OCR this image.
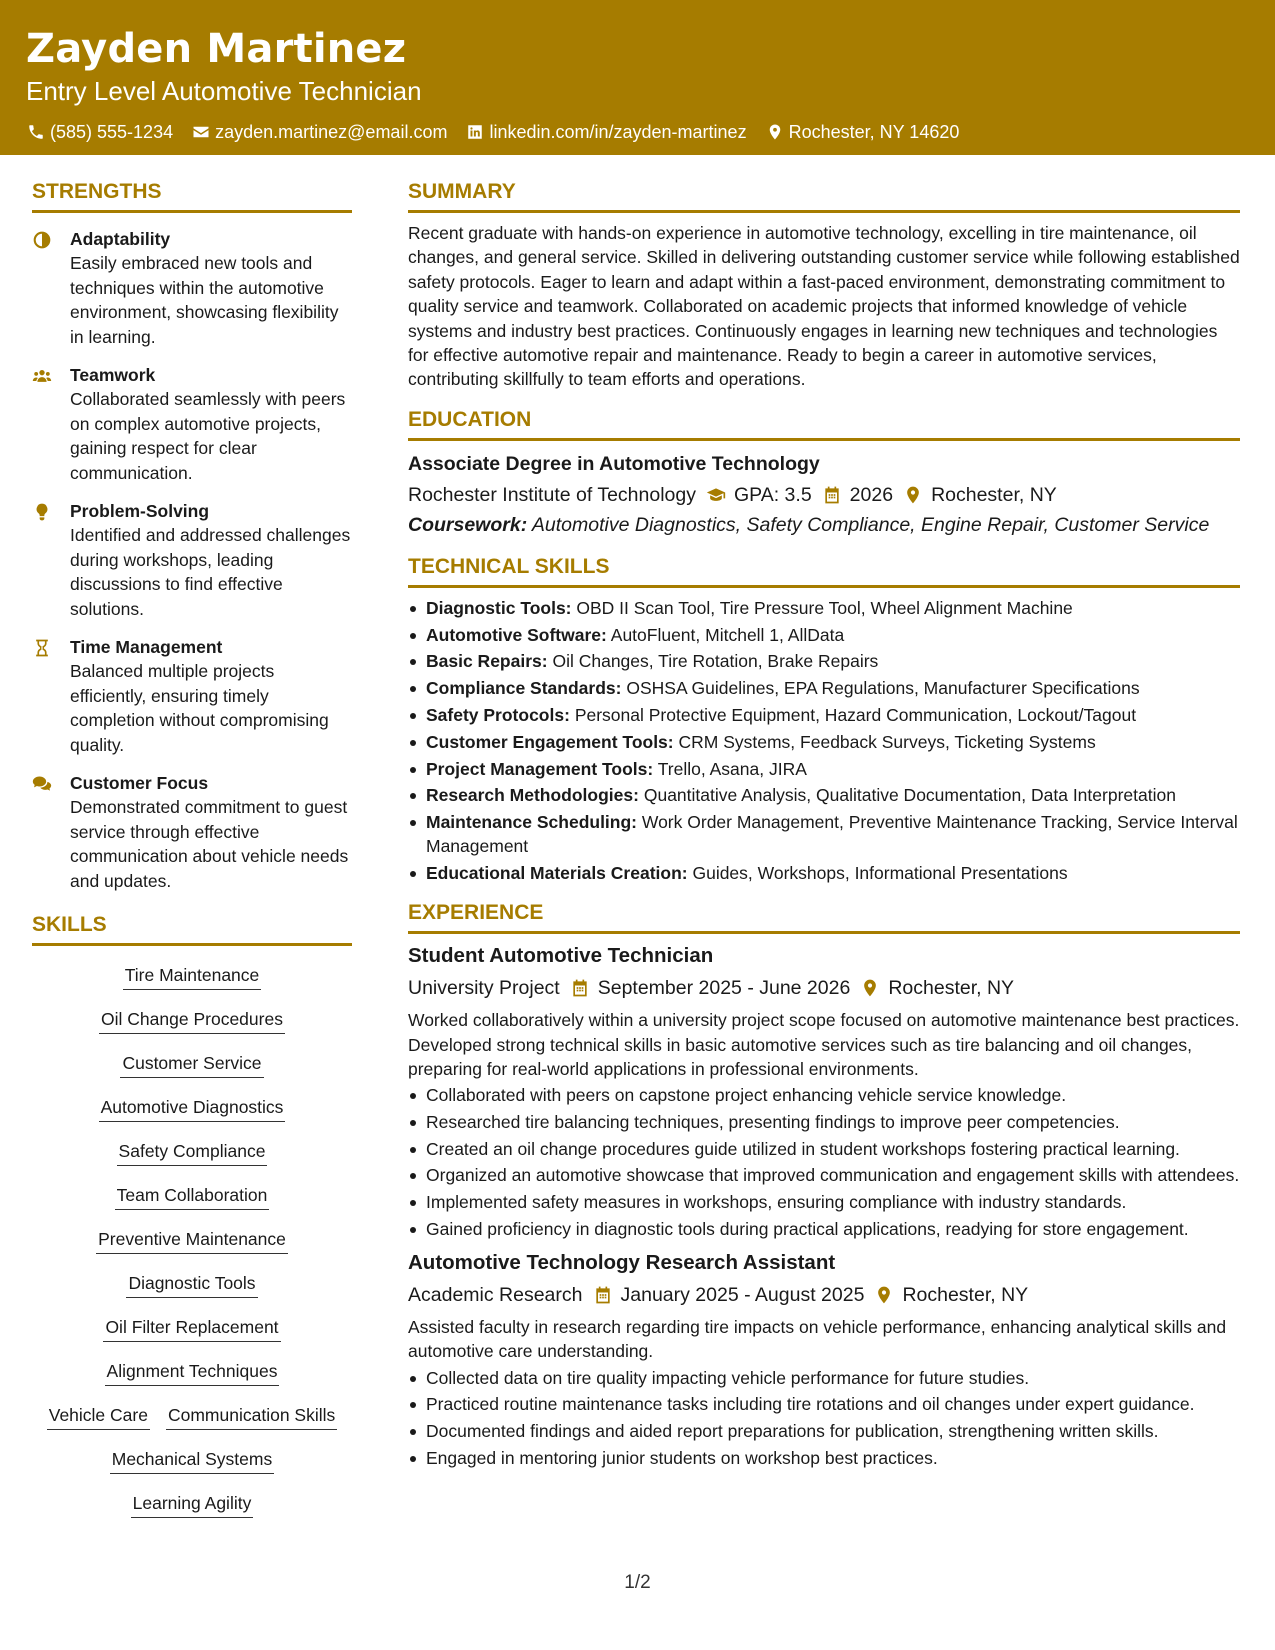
Zayden Martinez
Entry Level Automotive Technician
(585) 555-1234 zayden.martinez@email.com linkedin.com/in/zayden-martinez Rochester, NY 14620
STRENGTHS
Adaptability
Easily embraced new tools and techniques within the automotive environment, showcasing flexibility in learning.
Teamwork
Collaborated seamlessly with peers on complex automotive projects, gaining respect for clear communication.
Problem-Solving
Identified and addressed challenges during workshops, leading discussions to find effective solutions.
Time Management
Balanced multiple projects efficiently, ensuring timely completion without compromising quality.
Customer Focus
Demonstrated commitment to guest service through effective communication about vehicle needs and updates.
SKILLS
Tire Maintenance
Oil Change Procedures
Customer Service
Automotive Diagnostics
Safety Compliance
Team Collaboration
Preventive Maintenance
Diagnostic Tools
Oil Filter Replacement
Alignment Techniques
Vehicle Care Communication Skills
Mechanical Systems
Learning Agility
SUMMARY
Recent graduate with hands-on experience in automotive technology, excelling in tire maintenance, oil changes, and general service. Skilled in delivering outstanding customer service while following established safety protocols. Eager to learn and adapt within a fast-paced environment, demonstrating commitment to quality service and teamwork. Collaborated on academic projects that informed knowledge of vehicle systems and industry best practices. Continuously engages in learning new techniques and technologies for effective automotive repair and maintenance. Ready to begin a career in automotive services, contributing skillfully to team efforts and operations.
EDUCATION
Associate Degree in Automotive Technology
Rochester Institute of Technology GPA: 3.5 2026 Rochester, NY
Coursework: Automotive Diagnostics, Safety Compliance, Engine Repair, Customer Service
TECHNICAL SKILLS
Diagnostic Tools: OBD II Scan Tool, Tire Pressure Tool, Wheel Alignment Machine
Automotive Software: AutoFluent, Mitchell 1, AllData
Basic Repairs: Oil Changes, Tire Rotation, Brake Repairs
Compliance Standards: OSHSA Guidelines, EPA Regulations, Manufacturer Specifications
Safety Protocols: Personal Protective Equipment, Hazard Communication, Lockout/Tagout
Customer Engagement Tools: CRM Systems, Feedback Surveys, Ticketing Systems
Project Management Tools: Trello, Asana, JIRA
Research Methodologies: Quantitative Analysis, Qualitative Documentation, Data Interpretation
Maintenance Scheduling: Work Order Management, Preventive Maintenance Tracking, Service Interval Management
Educational Materials Creation: Guides, Workshops, Informational Presentations
EXPERIENCE
Student Automotive Technician
University Project September 2025 - June 2026 Rochester, NY
Worked collaboratively within a university project scope focused on automotive maintenance best practices. Developed strong technical skills in basic automotive services such as tire balancing and oil changes, preparing for real-world applications in professional environments.
Collaborated with peers on capstone project enhancing vehicle service knowledge.
Researched tire balancing techniques, presenting findings to improve peer competencies.
Created an oil change procedures guide utilized in student workshops fostering practical learning.
Organized an automotive showcase that improved communication and engagement skills with attendees.
Implemented safety measures in workshops, ensuring compliance with industry standards.
Gained proficiency in diagnostic tools during practical applications, readying for store engagement.
Automotive Technology Research Assistant
Academic Research January 2025 - August 2025 Rochester, NY
Assisted faculty in research regarding tire impacts on vehicle performance, enhancing analytical skills and automotive care understanding.
Collected data on tire quality impacting vehicle performance for future studies.
Practiced routine maintenance tasks including tire rotations and oil changes under expert guidance.
Documented findings and aided report preparations for publication, strengthening written skills.
Engaged in mentoring junior students on workshop best practices.
1/2
